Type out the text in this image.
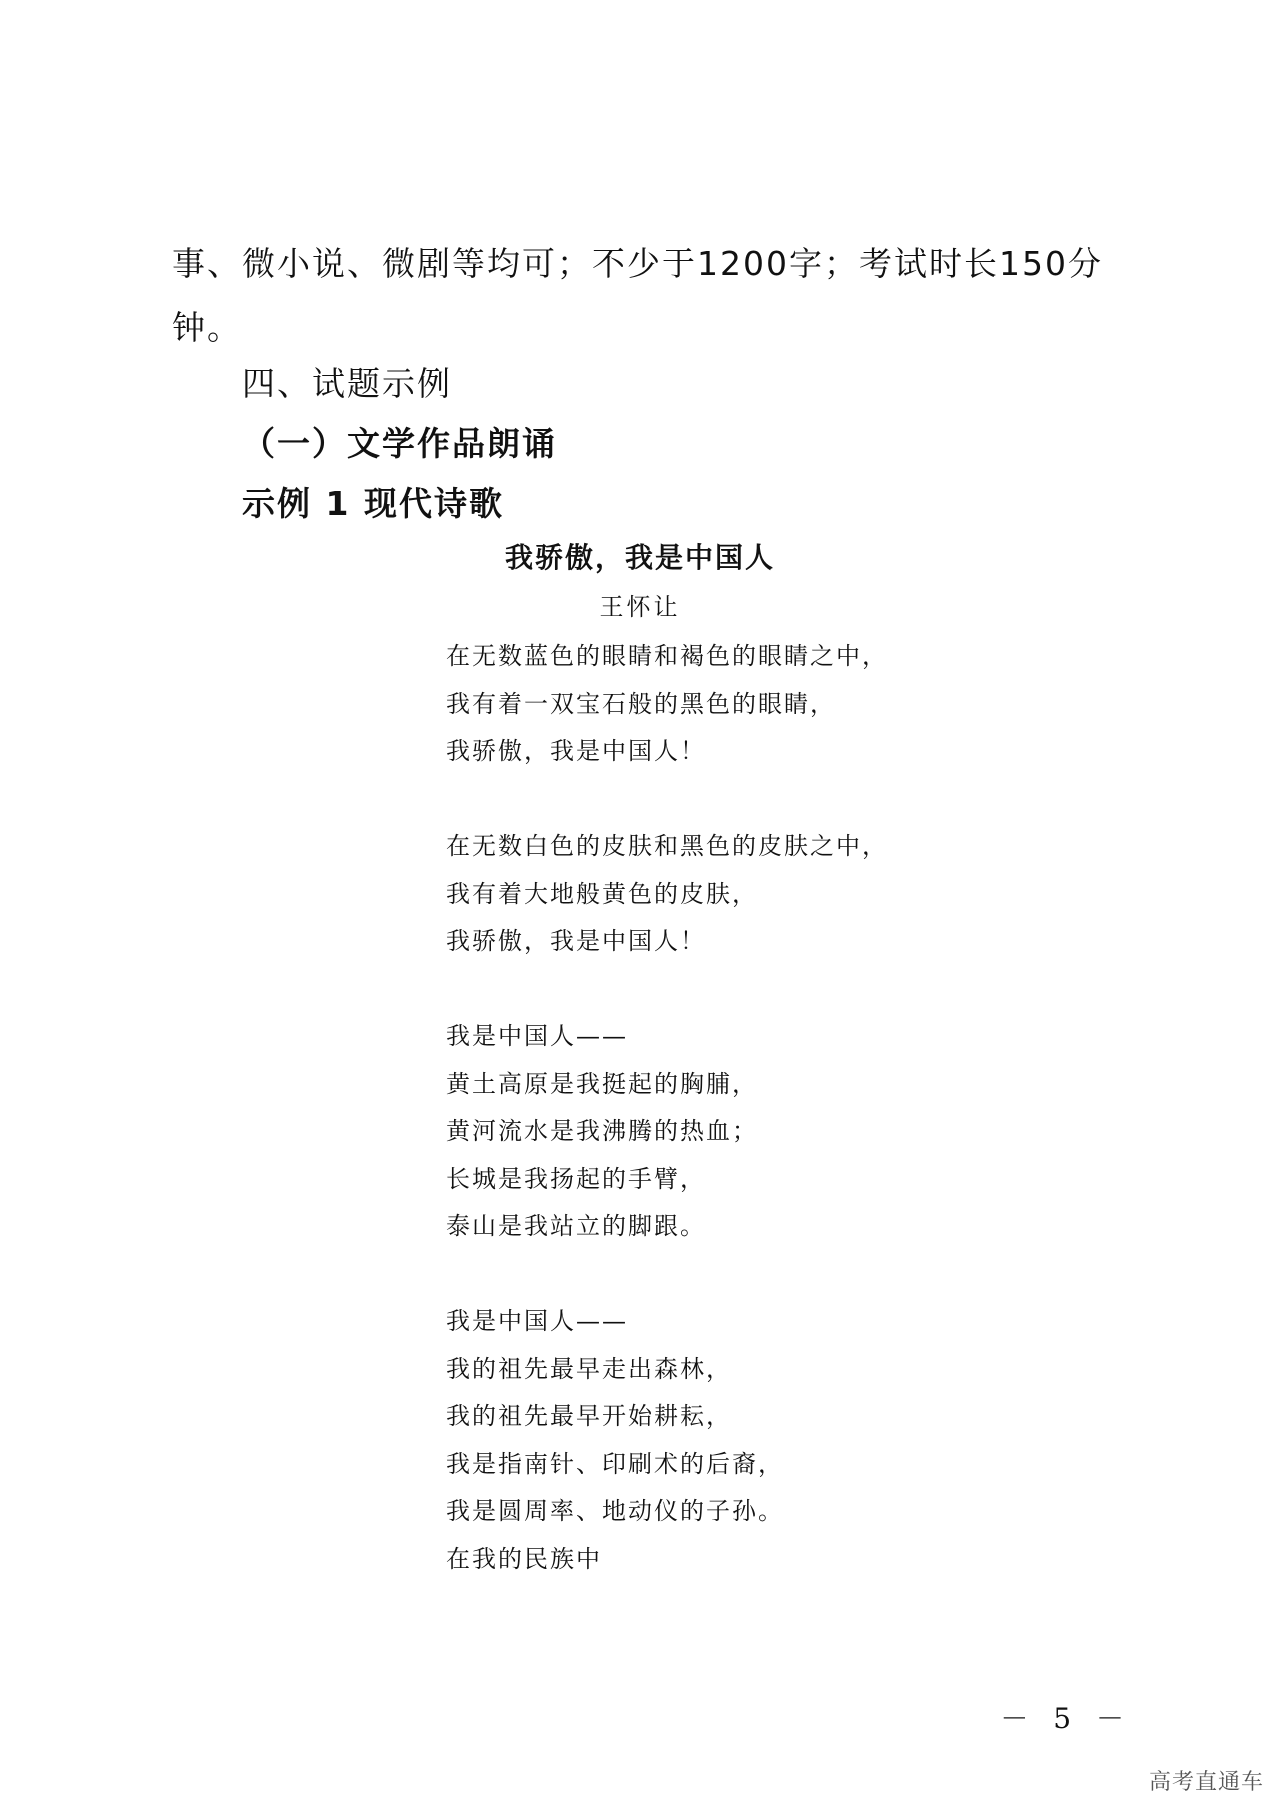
事、微小说、微剧等均可；不少于1200字；考试时长150分钟。
四、试题示例
（一）文学作品朗诵
示例 1 现代诗歌
我骄傲，我是中国人
王怀让
在无数蓝色的眼睛和褐色的眼睛之中，
我有着一双宝石般的黑色的眼睛，
我骄傲，我是中国人！
在无数白色的皮肤和黑色的皮肤之中，
我有着大地般黄色的皮肤，
我骄傲，我是中国人！
我是中国人——
黄土高原是我挺起的胸脯，
黄河流水是我沸腾的热血；
长城是我扬起的手臂，
泰山是我站立的脚跟。
我是中国人——
我的祖先最早走出森林，
我的祖先最早开始耕耘，
我是指南针、印刷术的后裔，
我是圆周率、地动仪的子孙。
在我的民族中
－ 5 －
高考直通车
